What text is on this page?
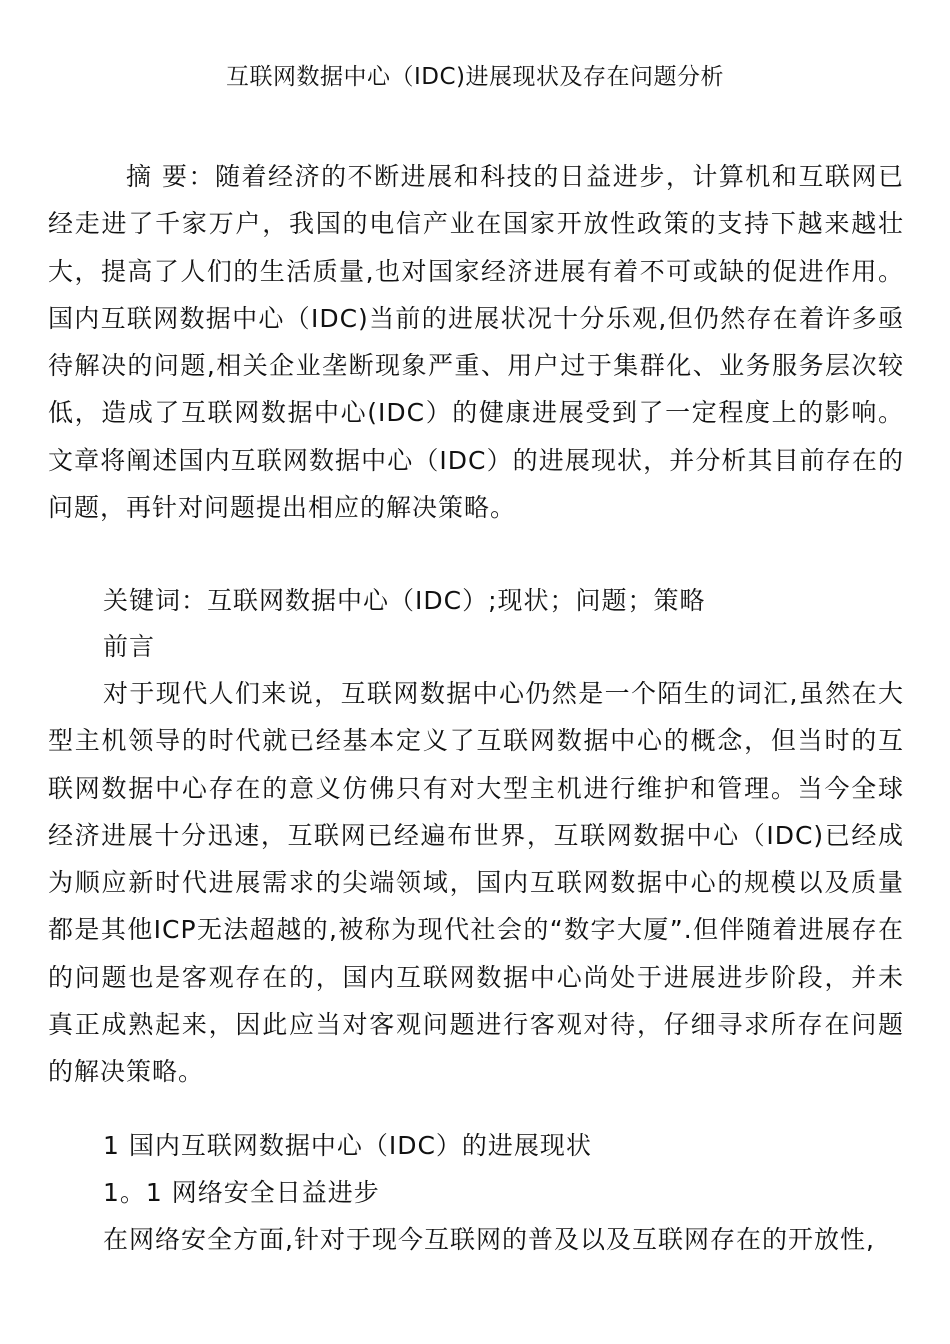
互联网数据中心（IDC)进展现状及存在问题分析

摘 要：随着经济的不断进展和科技的日益进步，计算机和互联网已经走进了千家万户，我国的电信产业在国家开放性政策的支持下越来越壮大，提高了人们的生活质量,也对国家经济进展有着不可或缺的促进作用。国内互联网数据中心（IDC)当前的进展状况十分乐观,但仍然存在着许多亟待解决的问题,相关企业垄断现象严重、用户过于集群化、业务服务层次较低，造成了互联网数据中心(IDC）的健康进展受到了一定程度上的影响。文章将阐述国内互联网数据中心（IDC）的进展现状，并分析其目前存在的问题，再针对问题提出相应的解决策略。

关键词：互联网数据中心（IDC）;现状；问题；策略

前言

对于现代人们来说，互联网数据中心仍然是一个陌生的词汇,虽然在大型主机领导的时代就已经基本定义了互联网数据中心的概念，但当时的互联网数据中心存在的意义仿佛只有对大型主机进行维护和管理。当今全球经济进展十分迅速，互联网已经遍布世界，互联网数据中心（IDC)已经成为顺应新时代进展需求的尖端领域，国内互联网数据中心的规模以及质量都是其他ICP无法超越的,被称为现代社会的“数字大厦”.但伴随着进展存在的问题也是客观存在的，国内互联网数据中心尚处于进展进步阶段，并未真正成熟起来，因此应当对客观问题进行客观对待，仔细寻求所存在问题的解决策略。

1 国内互联网数据中心（IDC）的进展现状

1。1 网络安全日益进步

在网络安全方面,针对于现今互联网的普及以及互联网存在的开放性,
